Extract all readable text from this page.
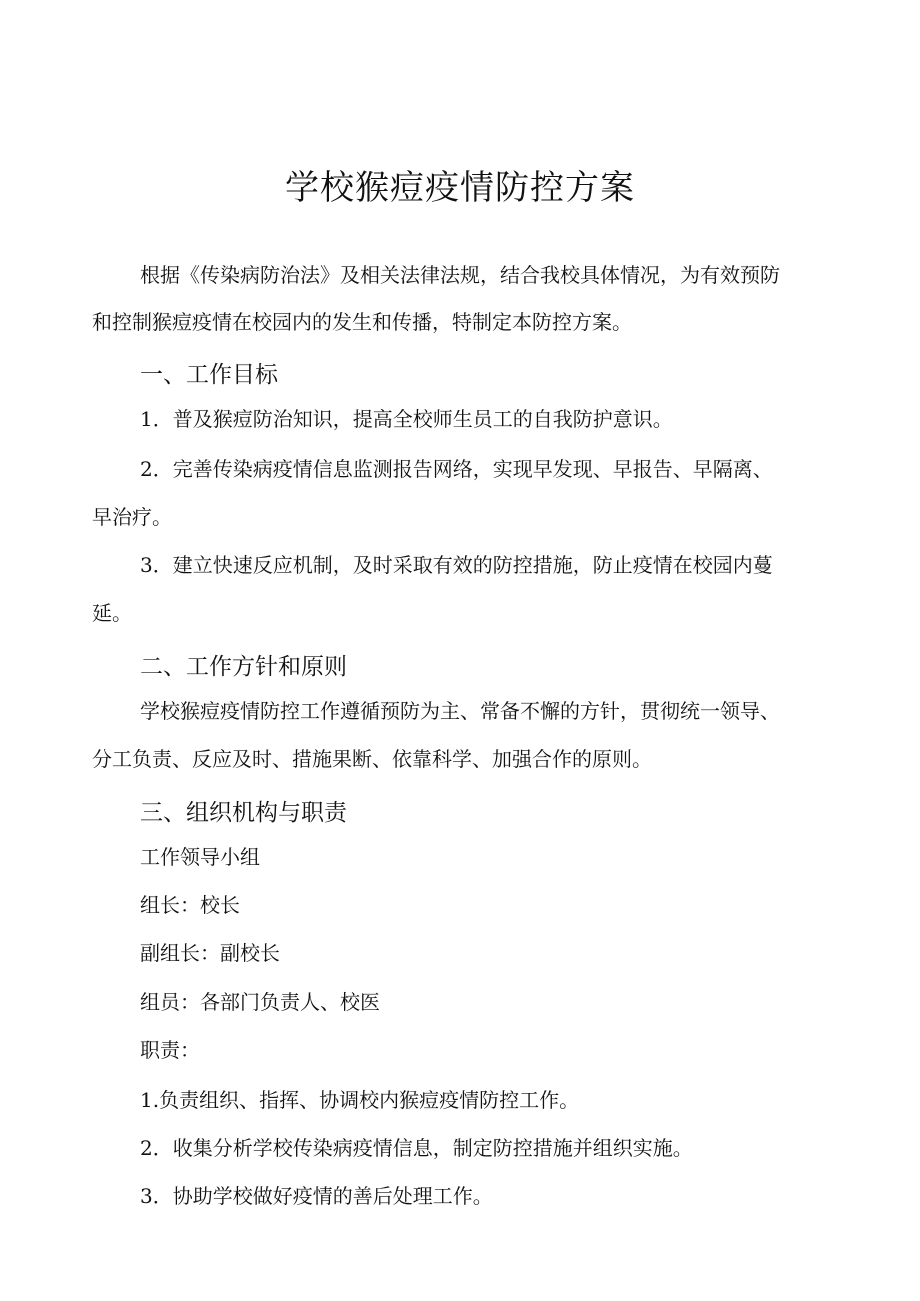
学校猴痘疫情防控方案
根据《传染病防治法》及相关法律法规，结合我校具体情况，为有效预防
和控制猴痘疫情在校园内的发生和传播，特制定本防控方案。
一、工作目标
1．普及猴痘防治知识，提高全校师生员工的自我防护意识。
2．完善传染病疫情信息监测报告网络，实现早发现、早报告、早隔离、
早治疗。
3．建立快速反应机制，及时采取有效的防控措施，防止疫情在校园内蔓
延。
二、工作方针和原则
学校猴痘疫情防控工作遵循预防为主、常备不懈的方针，贯彻统一领导、
分工负责、反应及时、措施果断、依靠科学、加强合作的原则。
三、组织机构与职责
工作领导小组
组长：校长
副组长：副校长
组员：各部门负责人、校医
职责：
1.负责组织、指挥、协调校内猴痘疫情防控工作。
2．收集分析学校传染病疫情信息，制定防控措施并组织实施。
3．协助学校做好疫情的善后处理工作。
